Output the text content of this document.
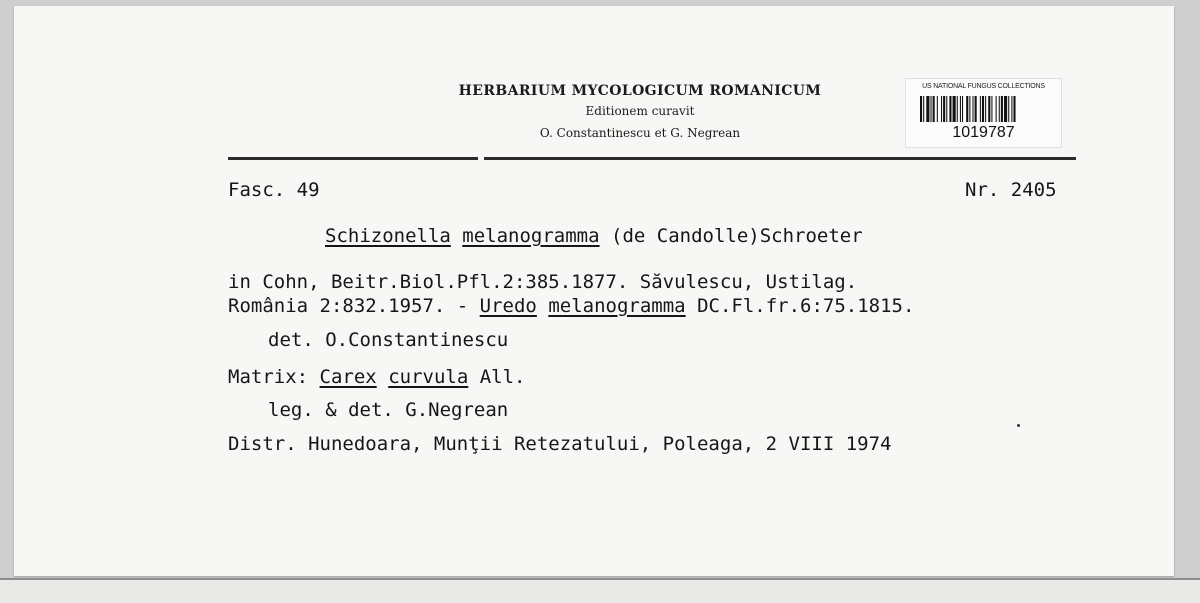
HERBARIUM MYCOLOGICUM ROMANICUM
Editionem curavit
O. Constantinescu et G. Negrean
US NATIONAL FUNGUS COLLECTIONS
1019787
Fasc. 49	Nr. 2405
Schizonella melanogramma (de Candolle)Schroeter
in Cohn, Beitr.Biol.Pfl.2:385.1877. Săvulescu, Ustilag.
România 2:832.1957. - Uredo melanogramma DC.Fl.fr.6:75.1815.
det. O.Constantinescu
Matrix: Carex curvula All.
leg. & det. G.Negrean
Distr. Hunedoara, Munţii Retezatului, Poleaga, 2 VIII 1974
